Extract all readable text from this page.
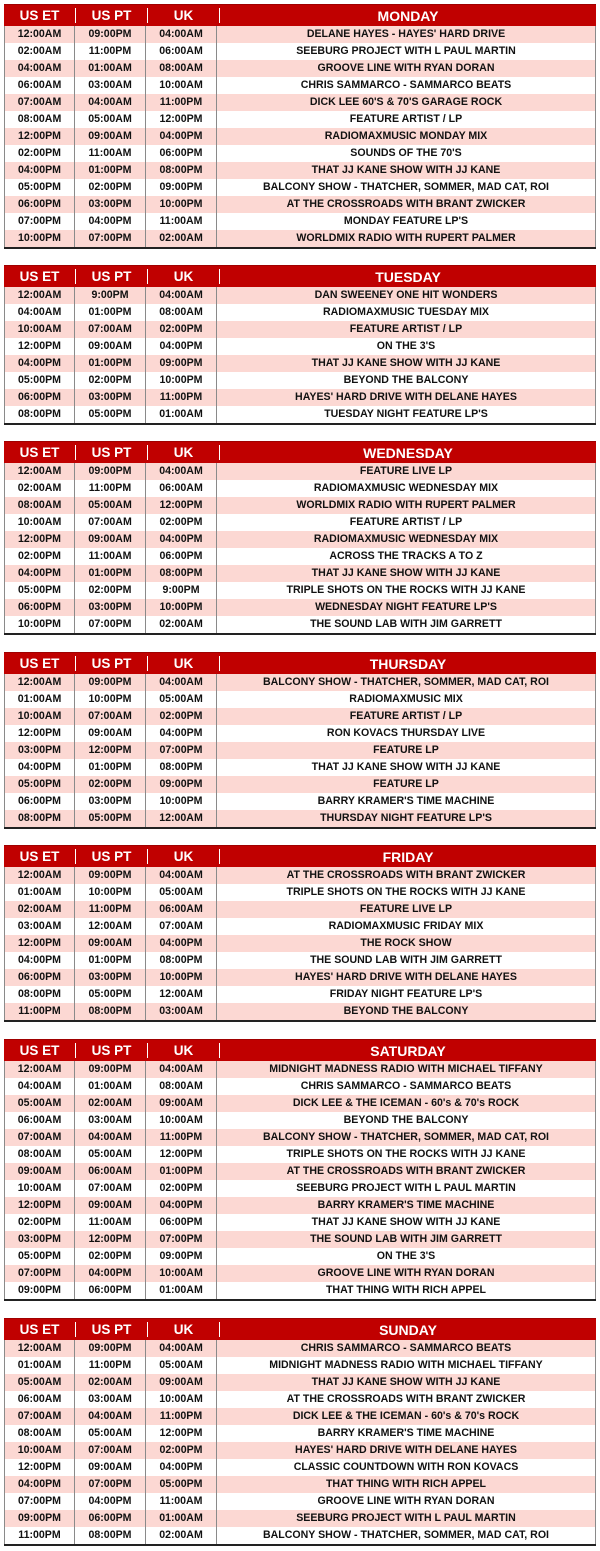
US ET	US PT	UK	MONDAY
12:00AM	09:00PM	04:00AM	DELANE HAYES - HAYES' HARD DRIVE
02:00AM	11:00PM	06:00AM	SEEBURG PROJECT WITH L PAUL MARTIN
04:00AM	01:00AM	08:00AM	GROOVE LINE WITH RYAN DORAN
06:00AM	03:00AM	10:00AM	CHRIS SAMMARCO - SAMMARCO BEATS
07:00AM	04:00AM	11:00PM	DICK LEE 60'S & 70'S GARAGE ROCK
08:00AM	05:00AM	12:00PM	FEATURE ARTIST / LP
12:00PM	09:00AM	04:00PM	RADIOMAXMUSIC MONDAY MIX
02:00PM	11:00AM	06:00PM	SOUNDS OF THE 70'S
04:00PM	01:00PM	08:00PM	THAT JJ KANE SHOW WITH JJ KANE
05:00PM	02:00PM	09:00PM	BALCONY SHOW - THATCHER, SOMMER, MAD CAT, ROI
06:00PM	03:00PM	10:00PM	AT THE CROSSROADS WITH BRANT ZWICKER
07:00PM	04:00PM	11:00AM	MONDAY FEATURE LP'S
10:00PM	07:00PM	02:00AM	WORLDMIX RADIO WITH RUPERT PALMER
US ET	US PT	UK	TUESDAY
12:00AM	9:00PM	04:00AM	DAN SWEENEY ONE HIT WONDERS
04:00AM	01:00PM	08:00AM	RADIOMAXMUSIC TUESDAY MIX
10:00AM	07:00AM	02:00PM	FEATURE ARTIST / LP
12:00PM	09:00AM	04:00PM	ON THE 3'S
04:00PM	01:00PM	09:00PM	THAT JJ KANE SHOW WITH JJ KANE
05:00PM	02:00PM	10:00PM	BEYOND THE BALCONY
06:00PM	03:00PM	11:00PM	HAYES' HARD DRIVE WITH DELANE HAYES
08:00PM	05:00PM	01:00AM	TUESDAY NIGHT FEATURE LP'S
US ET	US PT	UK	WEDNESDAY
12:00AM	09:00PM	04:00AM	FEATURE LIVE LP
02:00AM	11:00PM	06:00AM	RADIOMAXMUSIC WEDNESDAY MIX
08:00AM	05:00AM	12:00PM	WORLDMIX RADIO WITH RUPERT PALMER
10:00AM	07:00AM	02:00PM	FEATURE ARTIST / LP
12:00PM	09:00AM	04:00PM	RADIOMAXMUSIC WEDNESDAY MIX
02:00PM	11:00AM	06:00PM	ACROSS THE TRACKS A TO Z
04:00PM	01:00PM	08:00PM	THAT JJ KANE SHOW WITH JJ KANE
05:00PM	02:00PM	9:00PM	TRIPLE SHOTS ON THE ROCKS WITH JJ KANE
06:00PM	03:00PM	10:00PM	WEDNESDAY NIGHT FEATURE LP'S
10:00PM	07:00PM	02:00AM	THE SOUND LAB WITH JIM GARRETT
US ET	US PT	UK	THURSDAY
12:00AM	09:00PM	04:00AM	BALCONY SHOW - THATCHER, SOMMER, MAD CAT, ROI
01:00AM	10:00PM	05:00AM	RADIOMAXMUSIC MIX
10:00AM	07:00AM	02:00PM	FEATURE ARTIST / LP
12:00PM	09:00AM	04:00PM	RON KOVACS THURSDAY LIVE
03:00PM	12:00PM	07:00PM	FEATURE LP
04:00PM	01:00PM	08:00PM	THAT JJ KANE SHOW WITH JJ KANE
05:00PM	02:00PM	09:00PM	FEATURE LP
06:00PM	03:00PM	10:00PM	BARRY KRAMER'S TIME MACHINE
08:00PM	05:00PM	12:00AM	THURSDAY NIGHT FEATURE LP'S
US ET	US PT	UK	FRIDAY
12:00AM	09:00PM	04:00AM	AT THE CROSSROADS WITH BRANT ZWICKER
01:00AM	10:00PM	05:00AM	TRIPLE SHOTS ON THE ROCKS WITH JJ KANE
02:00AM	11:00PM	06:00AM	FEATURE LIVE LP
03:00AM	12:00AM	07:00AM	RADIOMAXMUSIC FRIDAY MIX
12:00PM	09:00AM	04:00PM	THE ROCK SHOW
04:00PM	01:00PM	08:00PM	THE SOUND LAB WITH JIM GARRETT
06:00PM	03:00PM	10:00PM	HAYES' HARD DRIVE WITH DELANE HAYES
08:00PM	05:00PM	12:00AM	FRIDAY NIGHT FEATURE LP'S
11:00PM	08:00PM	03:00AM	BEYOND THE BALCONY
US ET	US PT	UK	SATURDAY
12:00AM	09:00PM	04:00AM	MIDNIGHT MADNESS RADIO WITH MICHAEL TIFFANY
04:00AM	01:00AM	08:00AM	CHRIS SAMMARCO - SAMMARCO BEATS
05:00AM	02:00AM	09:00AM	DICK LEE & THE ICEMAN - 60's & 70's ROCK
06:00AM	03:00AM	10:00AM	BEYOND THE BALCONY
07:00AM	04:00AM	11:00PM	BALCONY SHOW - THATCHER, SOMMER, MAD CAT, ROI
08:00AM	05:00AM	12:00PM	TRIPLE SHOTS ON THE ROCKS WITH JJ KANE
09:00AM	06:00AM	01:00PM	AT THE CROSSROADS WITH BRANT ZWICKER
10:00AM	07:00AM	02:00PM	SEEBURG PROJECT WITH L PAUL MARTIN
12:00PM	09:00AM	04:00PM	BARRY KRAMER'S TIME MACHINE
02:00PM	11:00AM	06:00PM	THAT JJ KANE SHOW WITH JJ KANE
03:00PM	12:00PM	07:00PM	THE SOUND LAB WITH JIM GARRETT
05:00PM	02:00PM	09:00PM	ON THE 3'S
07:00PM	04:00PM	10:00AM	GROOVE LINE WITH RYAN DORAN
09:00PM	06:00PM	01:00AM	THAT THING WITH RICH APPEL
US ET	US PT	UK	SUNDAY
12:00AM	09:00PM	04:00AM	CHRIS SAMMARCO - SAMMARCO BEATS
01:00AM	11:00PM	05:00AM	MIDNIGHT MADNESS RADIO WITH MICHAEL TIFFANY
05:00AM	02:00AM	09:00AM	THAT JJ KANE SHOW WITH JJ KANE
06:00AM	03:00AM	10:00AM	AT THE CROSSROADS WITH BRANT ZWICKER
07:00AM	04:00AM	11:00PM	DICK LEE & THE ICEMAN - 60's & 70's ROCK
08:00AM	05:00AM	12:00PM	BARRY KRAMER'S TIME MACHINE
10:00AM	07:00AM	02:00PM	HAYES' HARD DRIVE WITH DELANE HAYES
12:00PM	09:00AM	04:00PM	CLASSIC COUNTDOWN WITH RON KOVACS
04:00PM	07:00PM	05:00PM	THAT THING WITH RICH APPEL
07:00PM	04:00PM	11:00AM	GROOVE LINE WITH RYAN DORAN
09:00PM	06:00PM	01:00AM	SEEBURG PROJECT WITH L PAUL MARTIN
11:00PM	08:00PM	02:00AM	BALCONY SHOW - THATCHER, SOMMER, MAD CAT, ROI
